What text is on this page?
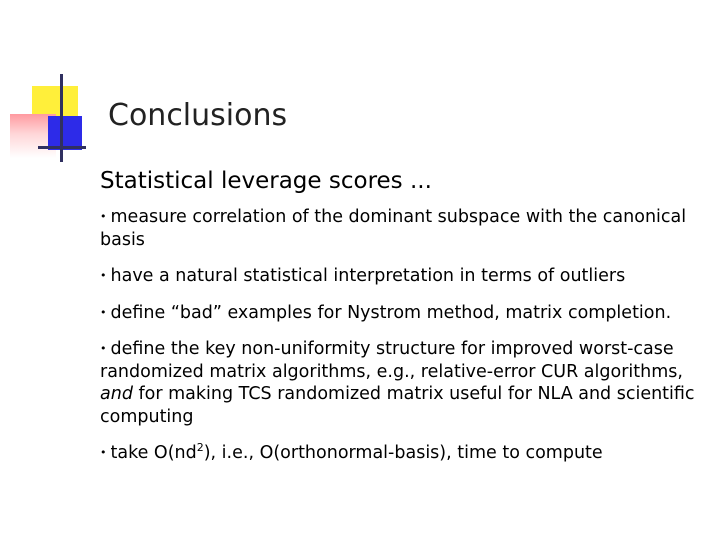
Conclusions
Statistical leverage scores ...
• measure correlation of the dominant subspace with the canonical basis
• have a natural statistical interpretation in terms of outliers
• define “bad” examples for Nystrom method, matrix completion.
• define the key non-uniformity structure for improved worst-case randomized matrix algorithms, e.g., relative-error CUR algorithms, and for making TCS randomized matrix useful for NLA and scientific computing
• take $O(nd^2)$, i.e., O(orthonormal-basis), time to compute
